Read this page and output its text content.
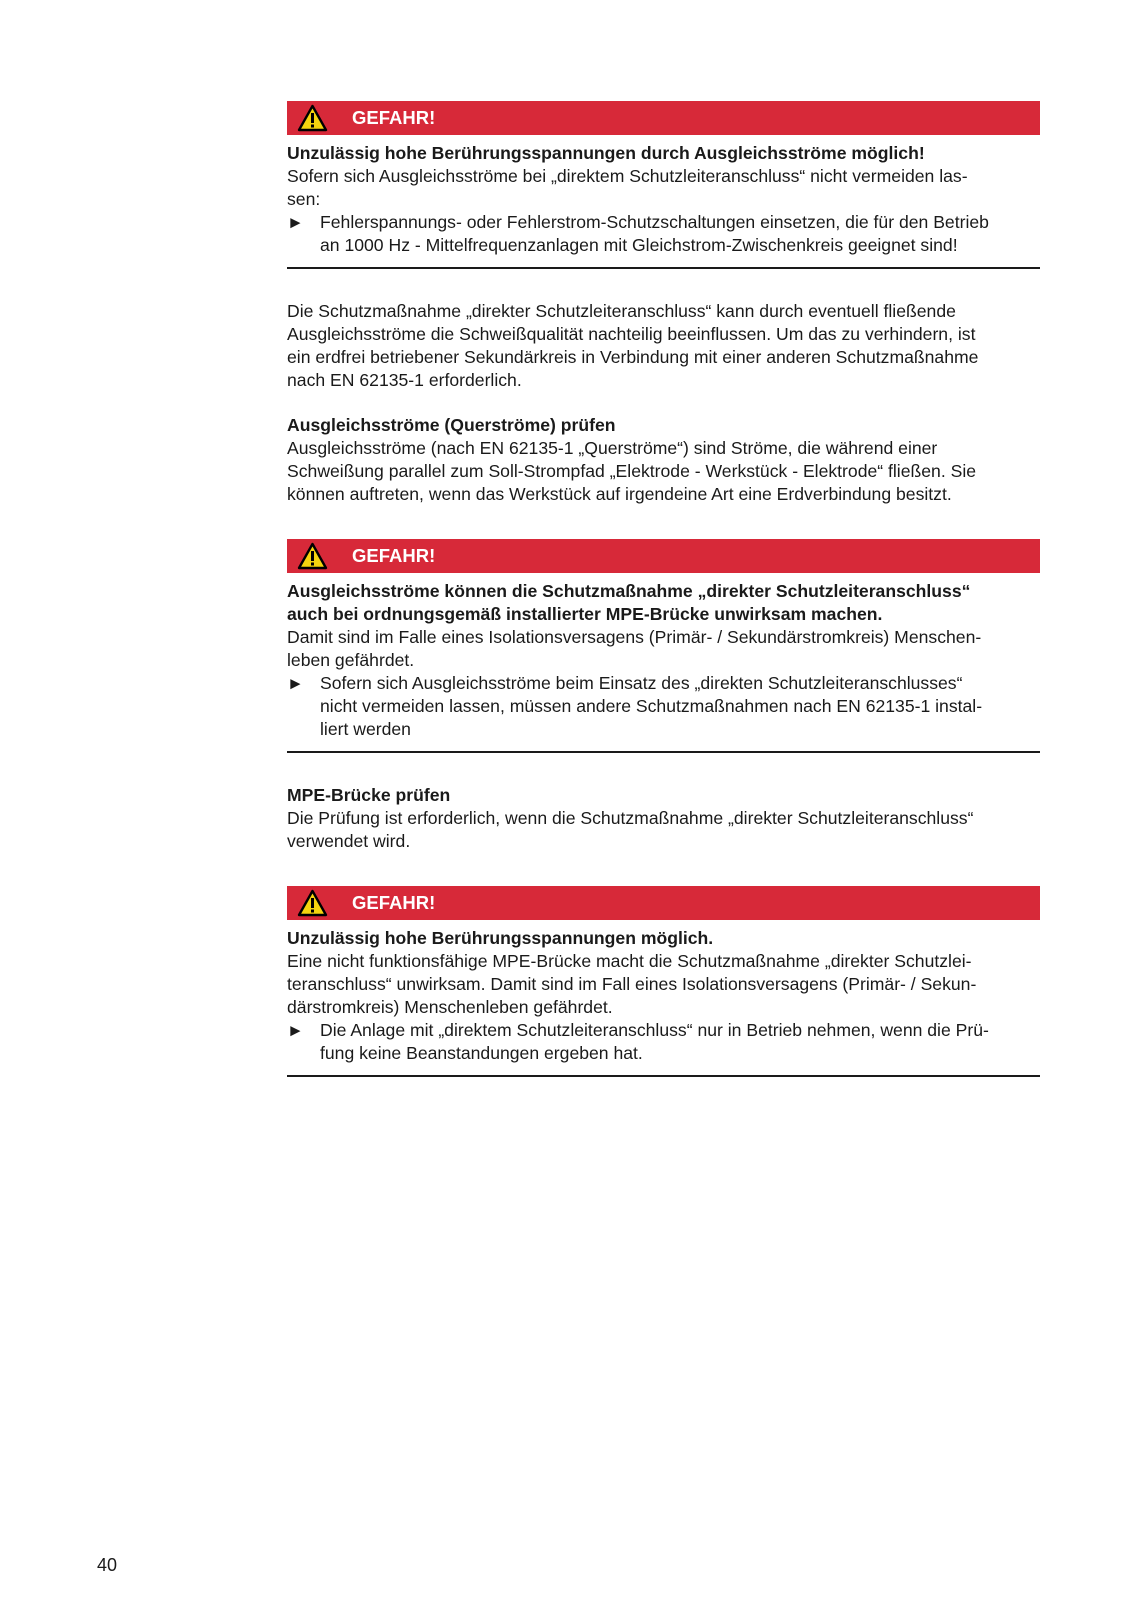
GEFAHR!
Unzulässig hohe Berührungsspannungen durch Ausgleichsströme möglich!
Sofern sich Ausgleichsströme bei „direktem Schutzleiteranschluss“ nicht vermeiden las-
sen:
► Fehlerspannungs- oder Fehlerstrom-Schutzschaltungen einsetzen, die für den Betrieb
an 1000 Hz - Mittelfrequenzanlagen mit Gleichstrom-Zwischenkreis geeignet sind!
Die Schutzmaßnahme „direkter Schutzleiteranschluss“ kann durch eventuell fließende
Ausgleichsströme die Schweißqualität nachteilig beeinflussen. Um das zu verhindern, ist
ein erdfrei betriebener Sekundärkreis in Verbindung mit einer anderen Schutzmaßnahme
nach EN 62135-1 erforderlich.
Ausgleichsströme (Querströme) prüfen
Ausgleichsströme (nach EN 62135-1 „Querströme“) sind Ströme, die während einer
Schweißung parallel zum Soll-Strompfad „Elektrode - Werkstück - Elektrode“ fließen. Sie
können auftreten, wenn das Werkstück auf irgendeine Art eine Erdverbindung besitzt.
GEFAHR!
Ausgleichsströme können die Schutzmaßnahme „direkter Schutzleiteranschluss“
auch bei ordnungsgemäß installierter MPE-Brücke unwirksam machen.
Damit sind im Falle eines Isolationsversagens (Primär- / Sekundärstromkreis) Menschen-
leben gefährdet.
► Sofern sich Ausgleichsströme beim Einsatz des „direkten Schutzleiteranschlusses“
nicht vermeiden lassen, müssen andere Schutzmaßnahmen nach EN 62135-1 instal-
liert werden
MPE-Brücke prüfen
Die Prüfung ist erforderlich, wenn die Schutzmaßnahme „direkter Schutzleiteranschluss“
verwendet wird.
GEFAHR!
Unzulässig hohe Berührungsspannungen möglich.
Eine nicht funktionsfähige MPE-Brücke macht die Schutzmaßnahme „direkter Schutzlei-
teranschluss“ unwirksam. Damit sind im Fall eines Isolationsversagens (Primär- / Sekun-
därstromkreis) Menschenleben gefährdet.
► Die Anlage mit „direktem Schutzleiteranschluss“ nur in Betrieb nehmen, wenn die Prü-
fung keine Beanstandungen ergeben hat.
40
